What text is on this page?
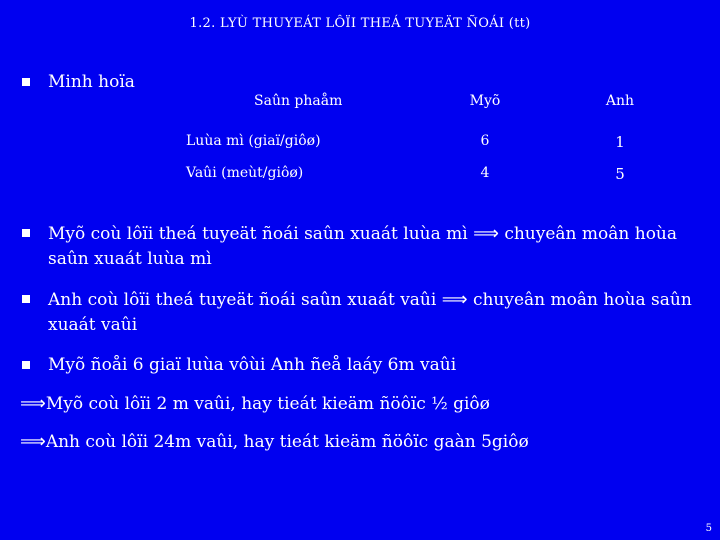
1.2. LYÙ THUYEÁT LÔÏI THEÁ TUYEÄT ÑOÁI (tt)
Minh hoïa
Saûn phaåm	Myõ	Anh
Luùa mì (giaï/giôø)	6	1
Vaûi (meùt/giôø)	4	5
Myõ coù lôïi theá tuyeät ñoái saûn xuaát luùa mì ⟹ chuyeân moân hoùa
saûn xuaát luùa mì
Anh coù lôïi theá tuyeät ñoái saûn xuaát vaûi ⟹ chuyeân moân hoùa saûn
xuaát vaûi
Myõ ñoåi 6 giaï luùa vôùi Anh ñeå laáy 6m vaûi
⟹Myõ coù lôïi 2 m vaûi, hay tieát kieäm ñöôïc ½ giôø
⟹Anh coù lôïi 24m vaûi, hay tieát kieäm ñöôïc gaàn 5giôø
5
